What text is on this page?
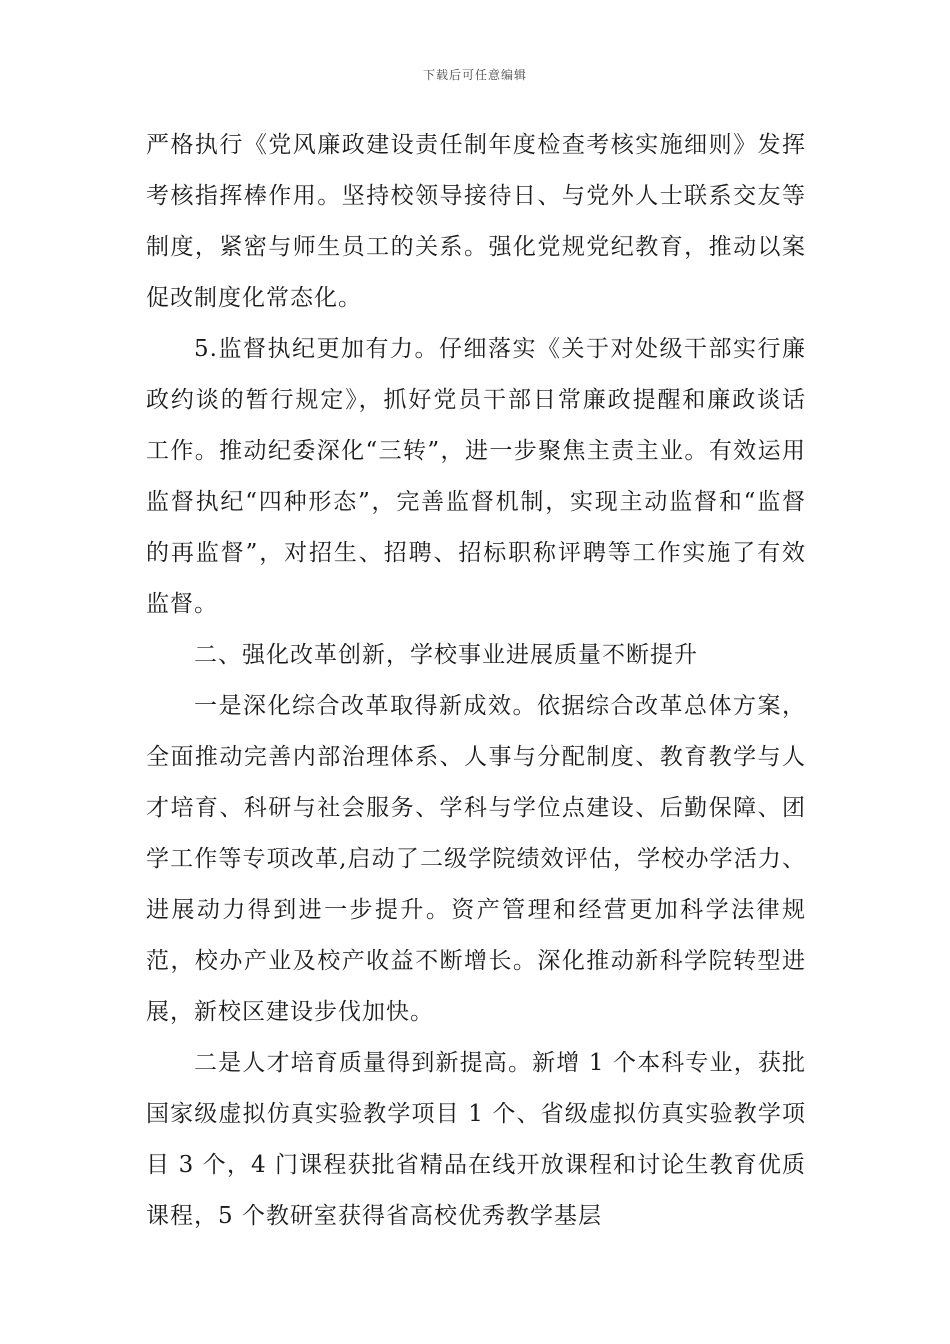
下载后可任意编辑

严格执行《党风廉政建设责任制年度检查考核实施细则》发挥考核指挥棒作用。坚持校领导接待日、与党外人士联系交友等制度，紧密与师生员工的关系。强化党规党纪教育，推动以案促改制度化常态化。

5.监督执纪更加有力。仔细落实《关于对处级干部实行廉政约谈的暂行规定》，抓好党员干部日常廉政提醒和廉政谈话工作。推动纪委深化“三转”，进一步聚焦主责主业。有效运用监督执纪“四种形态”，完善监督机制，实现主动监督和“监督的再监督”，对招生、招聘、招标职称评聘等工作实施了有效监督。

二、强化改革创新，学校事业进展质量不断提升

一是深化综合改革取得新成效。依据综合改革总体方案，全面推动完善内部治理体系、人事与分配制度、教育教学与人才培育、科研与社会服务、学科与学位点建设、后勤保障、团学工作等专项改革,启动了二级学院绩效评估，学校办学活力、进展动力得到进一步提升。资产管理和经营更加科学法律规范，校办产业及校产收益不断增长。深化推动新科学院转型进展，新校区建设步伐加快。

二是人才培育质量得到新提高。新增 1 个本科专业，获批国家级虚拟仿真实验教学项目 1 个、省级虚拟仿真实验教学项目 3 个，4 门课程获批省精品在线开放课程和讨论生教育优质课程，5 个教研室获得省高校优秀教学基层
